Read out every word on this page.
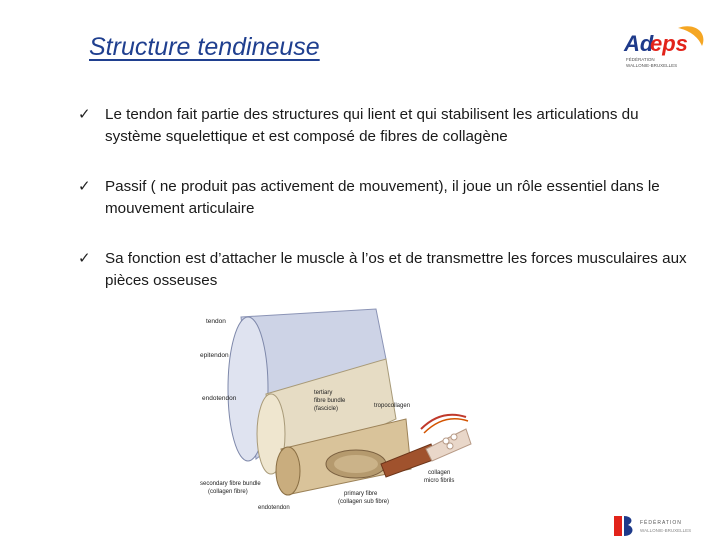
Structure tendineuse	Ad
eps
FÉDÉRATION
WALLONIE-BRUXELLES
✓ Le tendon fait partie des structures qui lient et qui stabilisent les articulations du système squelettique et est composé de fibres de collagène
✓ Passif ( ne produit pas activement de mouvement), il joue un rôle essentiel dans le mouvement articulaire
✓ Sa fonction est d’attacher le muscle à l’os et de transmettre les forces musculaires aux pièces osseuses
tendon
epitendon
endotendon
tertiary
fibre bundle
(fascicle)	tropocollagen
secondary fibre bundle
(collagen fibre)
endotendon
primary fibre
(collagen sub fibre)
collagen
micro fibrils
FÉDÉRATION
WALLONIE-BRUXELLES
